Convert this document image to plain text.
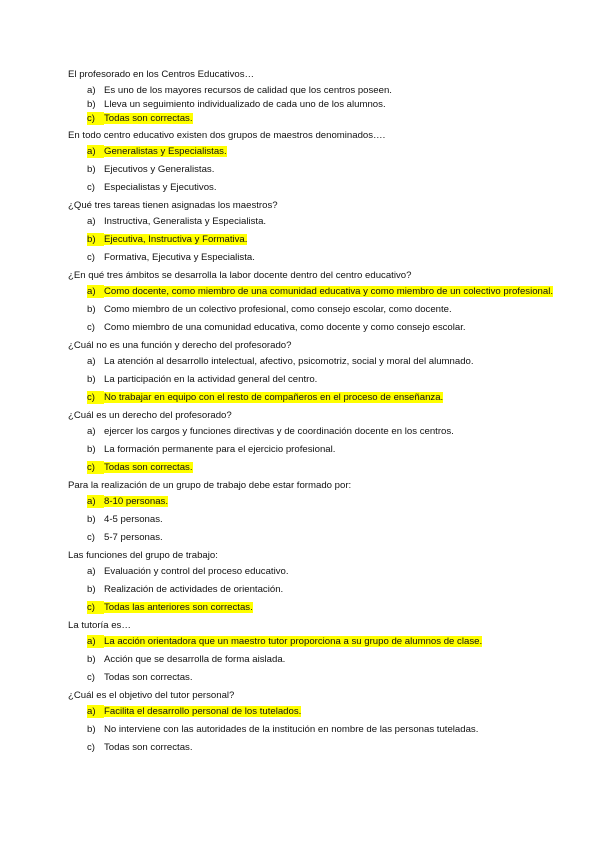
El profesorado en los Centros Educativos…
a) Es uno de los mayores recursos de calidad que los centros poseen.
b) Lleva un seguimiento individualizado de cada uno de los alumnos.
c) Todas son correctas.
En todo centro educativo existen dos grupos de maestros denominados….
a) Generalistas y Especialistas.
b) Ejecutivos y Generalistas.
c) Especialistas y Ejecutivos.
¿Qué tres tareas tienen asignadas los maestros?
a) Instructiva, Generalista y Especialista.
b) Ejecutiva, Instructiva y Formativa.
c) Formativa, Ejecutiva y Especialista.
¿En qué tres ámbitos se desarrolla la labor docente dentro del centro educativo?
a) Como docente, como miembro de una comunidad educativa y como miembro de un colectivo profesional.
b) Como miembro de un colectivo profesional, como consejo escolar, como docente.
c) Como miembro de una comunidad educativa, como docente y como consejo escolar.
¿Cuál no es una función y derecho del profesorado?
a) La atención al desarrollo intelectual, afectivo, psicomotriz, social y moral del alumnado.
b) La participación en la actividad general del centro.
c) No trabajar en equipo con el resto de compañeros en el proceso de enseñanza.
¿Cuál es un derecho del profesorado?
a) ejercer los cargos y funciones directivas y de coordinación docente en los centros.
b) La formación permanente para el ejercicio profesional.
c) Todas son correctas.
Para la realización de un grupo de trabajo debe estar formado por:
a) 8-10 personas.
b) 4-5 personas.
c) 5-7 personas.
Las funciones del grupo de trabajo:
a) Evaluación y control del proceso educativo.
b) Realización de actividades de orientación.
c) Todas las anteriores son correctas.
La tutoría es…
a) La acción orientadora que un maestro tutor proporciona a su grupo de alumnos de clase.
b) Acción que se desarrolla de forma aislada.
c) Todas son correctas.
¿Cuál es el objetivo del tutor personal?
a) Facilita el desarrollo personal de los tutelados.
b) No interviene con las autoridades de la institución en nombre de las personas tuteladas.
c) Todas son correctas.
